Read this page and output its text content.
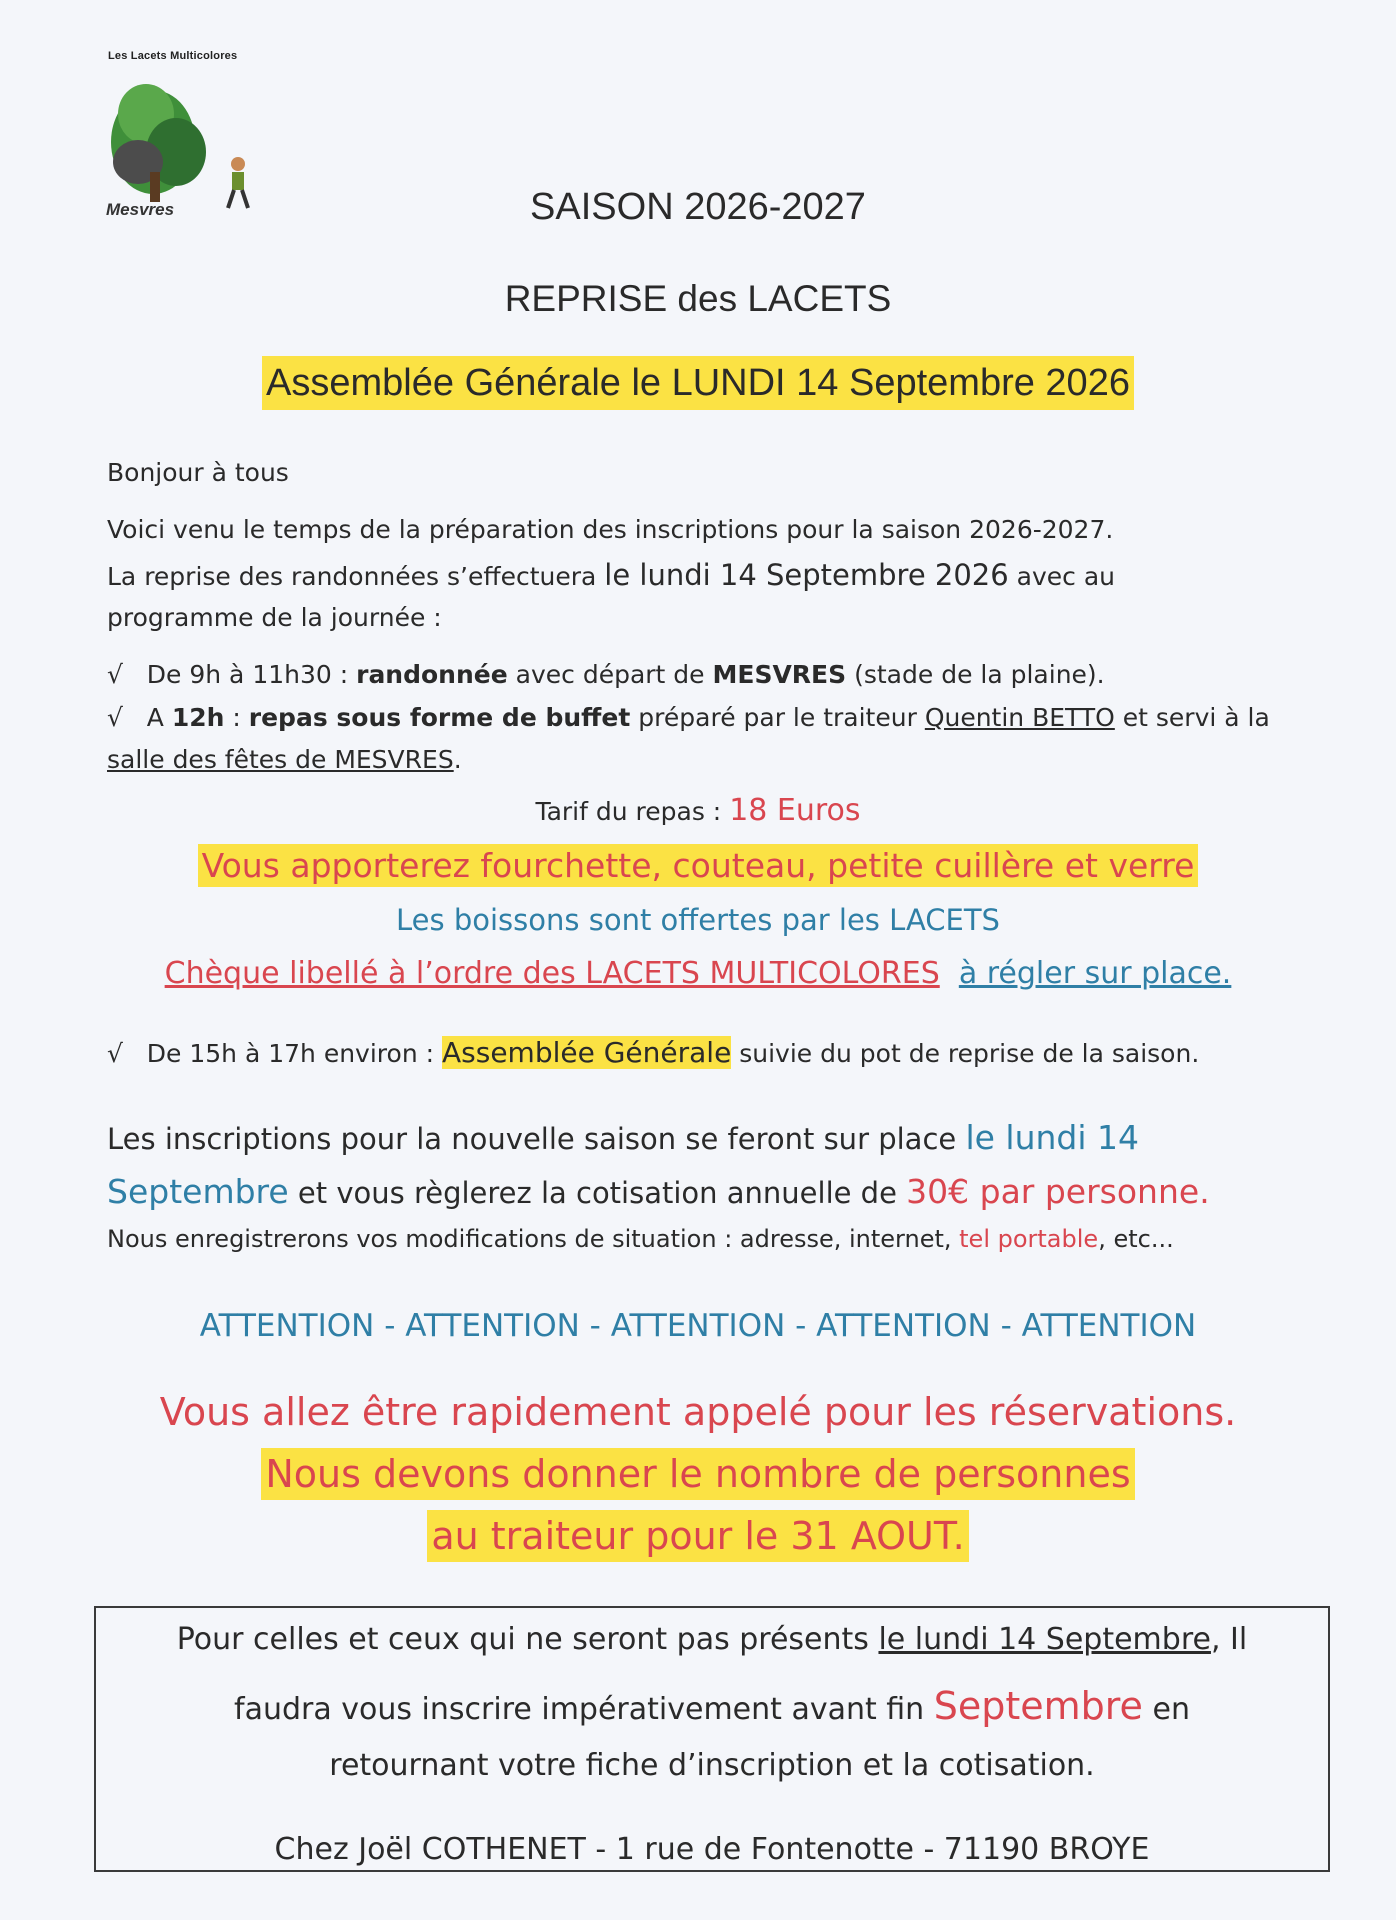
Les Lacets Multicolores
Mesvres	SAISON 2026-2027
REPRISE des LACETS
Assemblée Générale le LUNDI 14 Septembre 2026
Bonjour à tous
Voici venu le temps de la préparation des inscriptions pour la saison 2026-2027.
La reprise des randonnées s’effectuera le lundi 14 Septembre 2026 avec au
programme de la journée :
√ De 9h à 11h30 : randonnée avec départ de MESVRES (stade de la plaine).
√ A 12h : repas sous forme de buffet préparé par le traiteur Quentin BETTO et servi à la
salle des fêtes de MESVRES.
Tarif du repas : 18 Euros
Vous apporterez fourchette, couteau, petite cuillère et verre
Les boissons sont offertes par les LACETS
Chèque libellé à l’ordre des LACETS MULTICOLORES à régler sur place.
√ De 15h à 17h environ : Assemblée Générale suivie du pot de reprise de la saison.
Les inscriptions pour la nouvelle saison se feront sur place le lundi 14
Septembre et vous règlerez la cotisation annuelle de 30€ par personne.
Nous enregistrerons vos modifications de situation : adresse, internet, tel portable, etc...
ATTENTION - ATTENTION - ATTENTION - ATTENTION - ATTENTION
Vous allez être rapidement appelé pour les réservations.
Nous devons donner le nombre de personnes
au traiteur pour le 31 AOUT.
Pour celles et ceux qui ne seront pas présents le lundi 14 Septembre, Il
faudra vous inscrire impérativement avant fin Septembre en
retournant votre fiche d’inscription et la cotisation.
Chez Joël COTHENET - 1 rue de Fontenotte - 71190 BROYE
